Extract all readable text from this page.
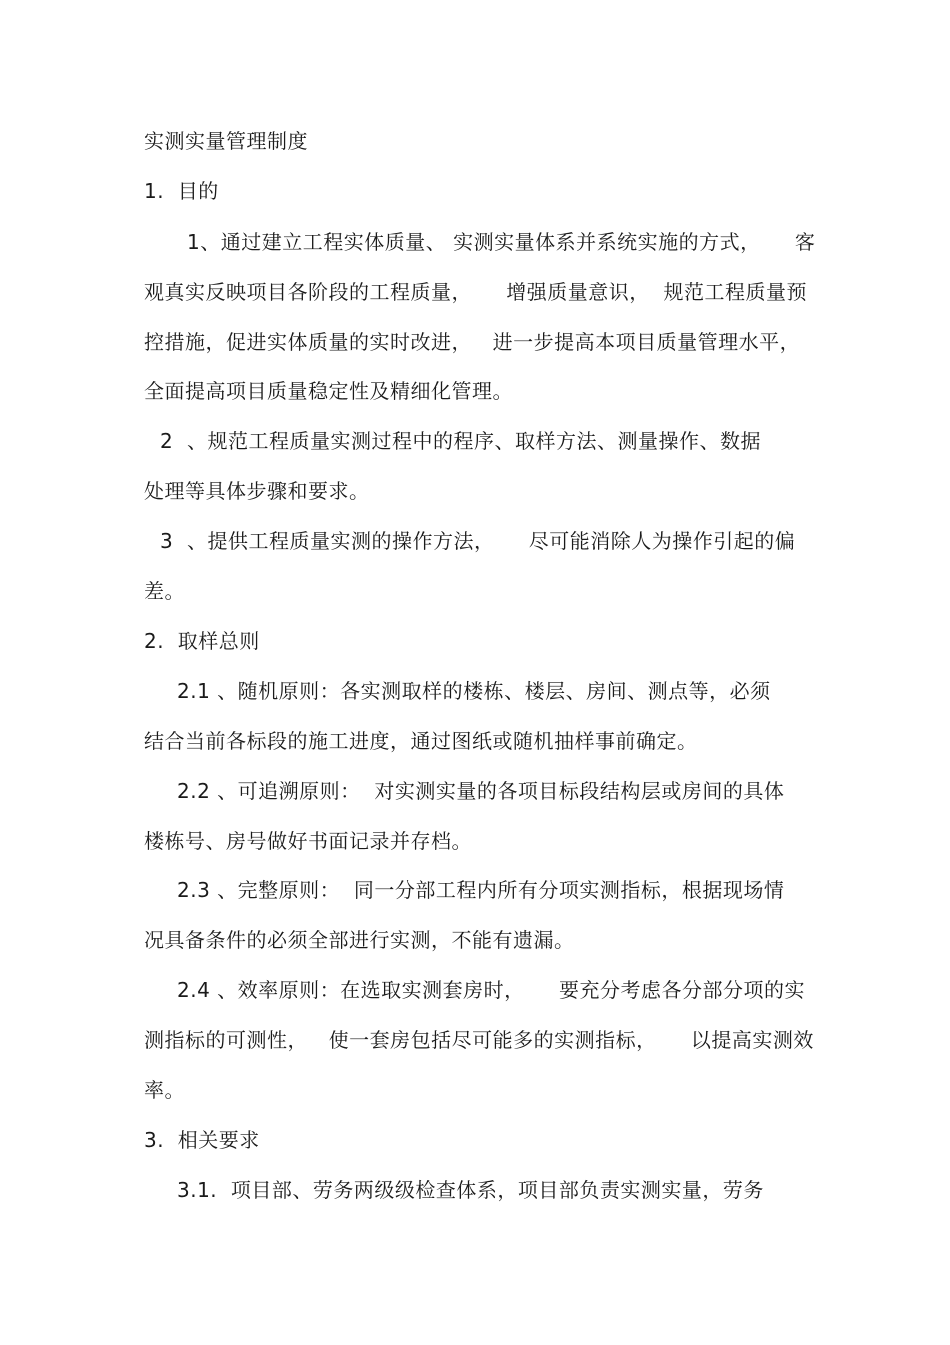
实测实量管理制度
1.  目的
1、通过建立工程实体质量、 实测实量体系并系统实施的方式，     客
观真实反映项目各阶段的工程质量，     增强质量意识，  规范工程质量预
控措施，促进实体质量的实时改进，   进一步提高本项目质量管理水平，
全面提高项目质量稳定性及精细化管理。
2  、规范工程质量实测过程中的程序、取样方法、测量操作、数据
处理等具体步骤和要求。
3  、提供工程质量实测的操作方法，     尽可能消除人为操作引起的偏
差。
2.  取样总则
2.1 、随机原则：各实测取样的楼栋、楼层、房间、测点等，必须
结合当前各标段的施工进度，通过图纸或随机抽样事前确定。
2.2 、可追溯原则：  对实测实量的各项目标段结构层或房间的具体
楼栋号、房号做好书面记录并存档。
2.3 、完整原则：  同一分部工程内所有分项实测指标，根据现场情
况具备条件的必须全部进行实测，不能有遗漏。
2.4 、效率原则：在选取实测套房时，     要充分考虑各分部分项的实
测指标的可测性，   使一套房包括尽可能多的实测指标，     以提高实测效
率。
3.  相关要求
3.1.  项目部、劳务两级级检查体系，项目部负责实测实量，劳务
